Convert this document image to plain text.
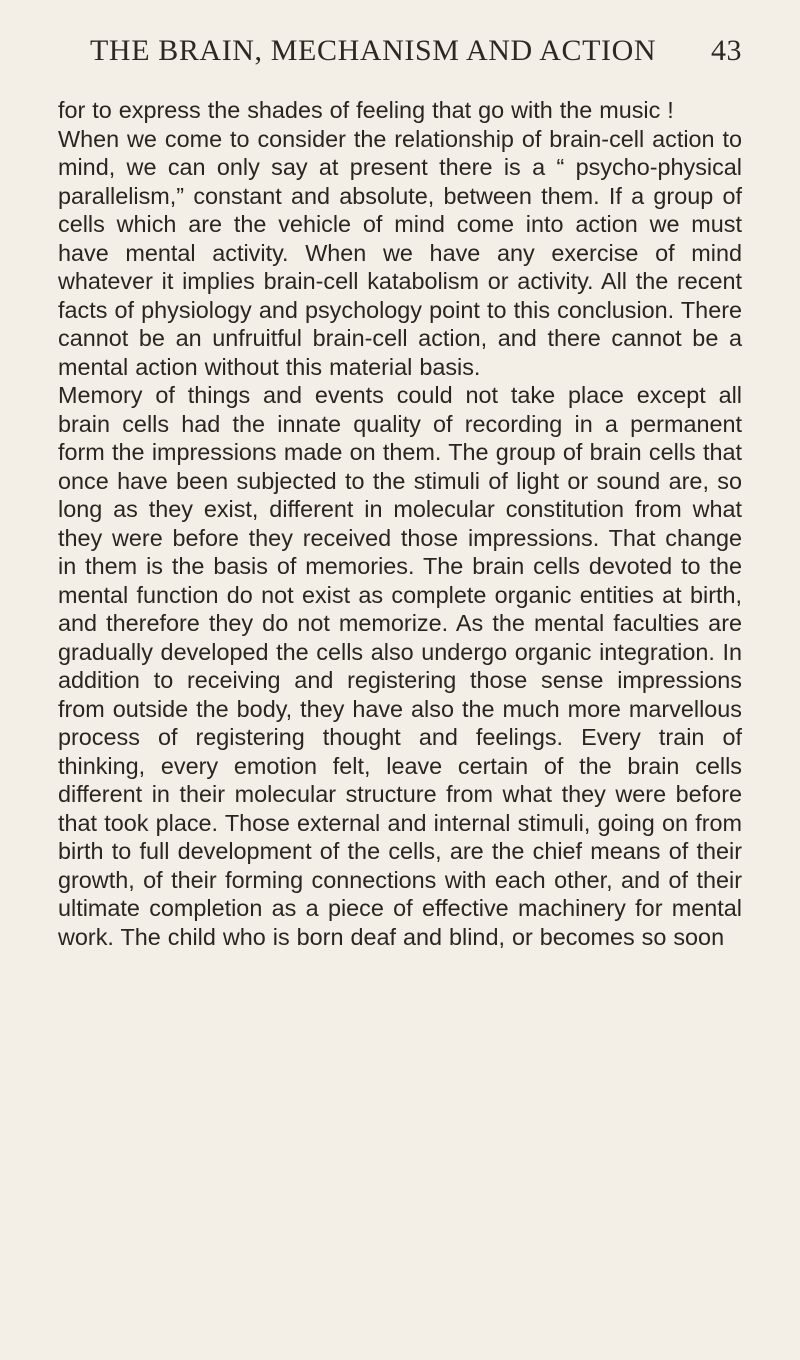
THE BRAIN, MECHANISM AND ACTION 43

for to express the shades of feeling that go with the music !

When we come to consider the relationship of brain-cell action to mind, we can only say at present there is a “ psycho-physical parallelism,” constant and absolute, between them. If a group of cells which are the vehicle of mind come into action we must have mental activity. When we have any exercise of mind whatever it implies brain-cell katabolism or activity. All the recent facts of physiology and psychology point to this conclusion. There cannot be an unfruitful brain-cell action, and there cannot be a mental action without this material basis.

Memory of things and events could not take place except all brain cells had the innate quality of recording in a permanent form the impressions made on them. The group of brain cells that once have been subjected to the stimuli of light or sound are, so long as they exist, different in molecular constitution from what they were before they received those impressions. That change in them is the basis of memories. The brain cells devoted to the mental function do not exist as complete organic entities at birth, and therefore they do not memorize. As the mental faculties are gradually developed the cells also undergo organic integration. In addition to receiving and registering those sense impressions from outside the body, they have also the much more marvellous process of registering thought and feelings. Every train of thinking, every emotion felt, leave certain of the brain cells different in their molecular structure from what they were before that took place. Those external and internal stimuli, going on from birth to full development of the cells, are the chief means of their growth, of their forming connections with each other, and of their ultimate completion as a piece of effective machinery for mental work. The child who is born deaf and blind, or becomes so soon
